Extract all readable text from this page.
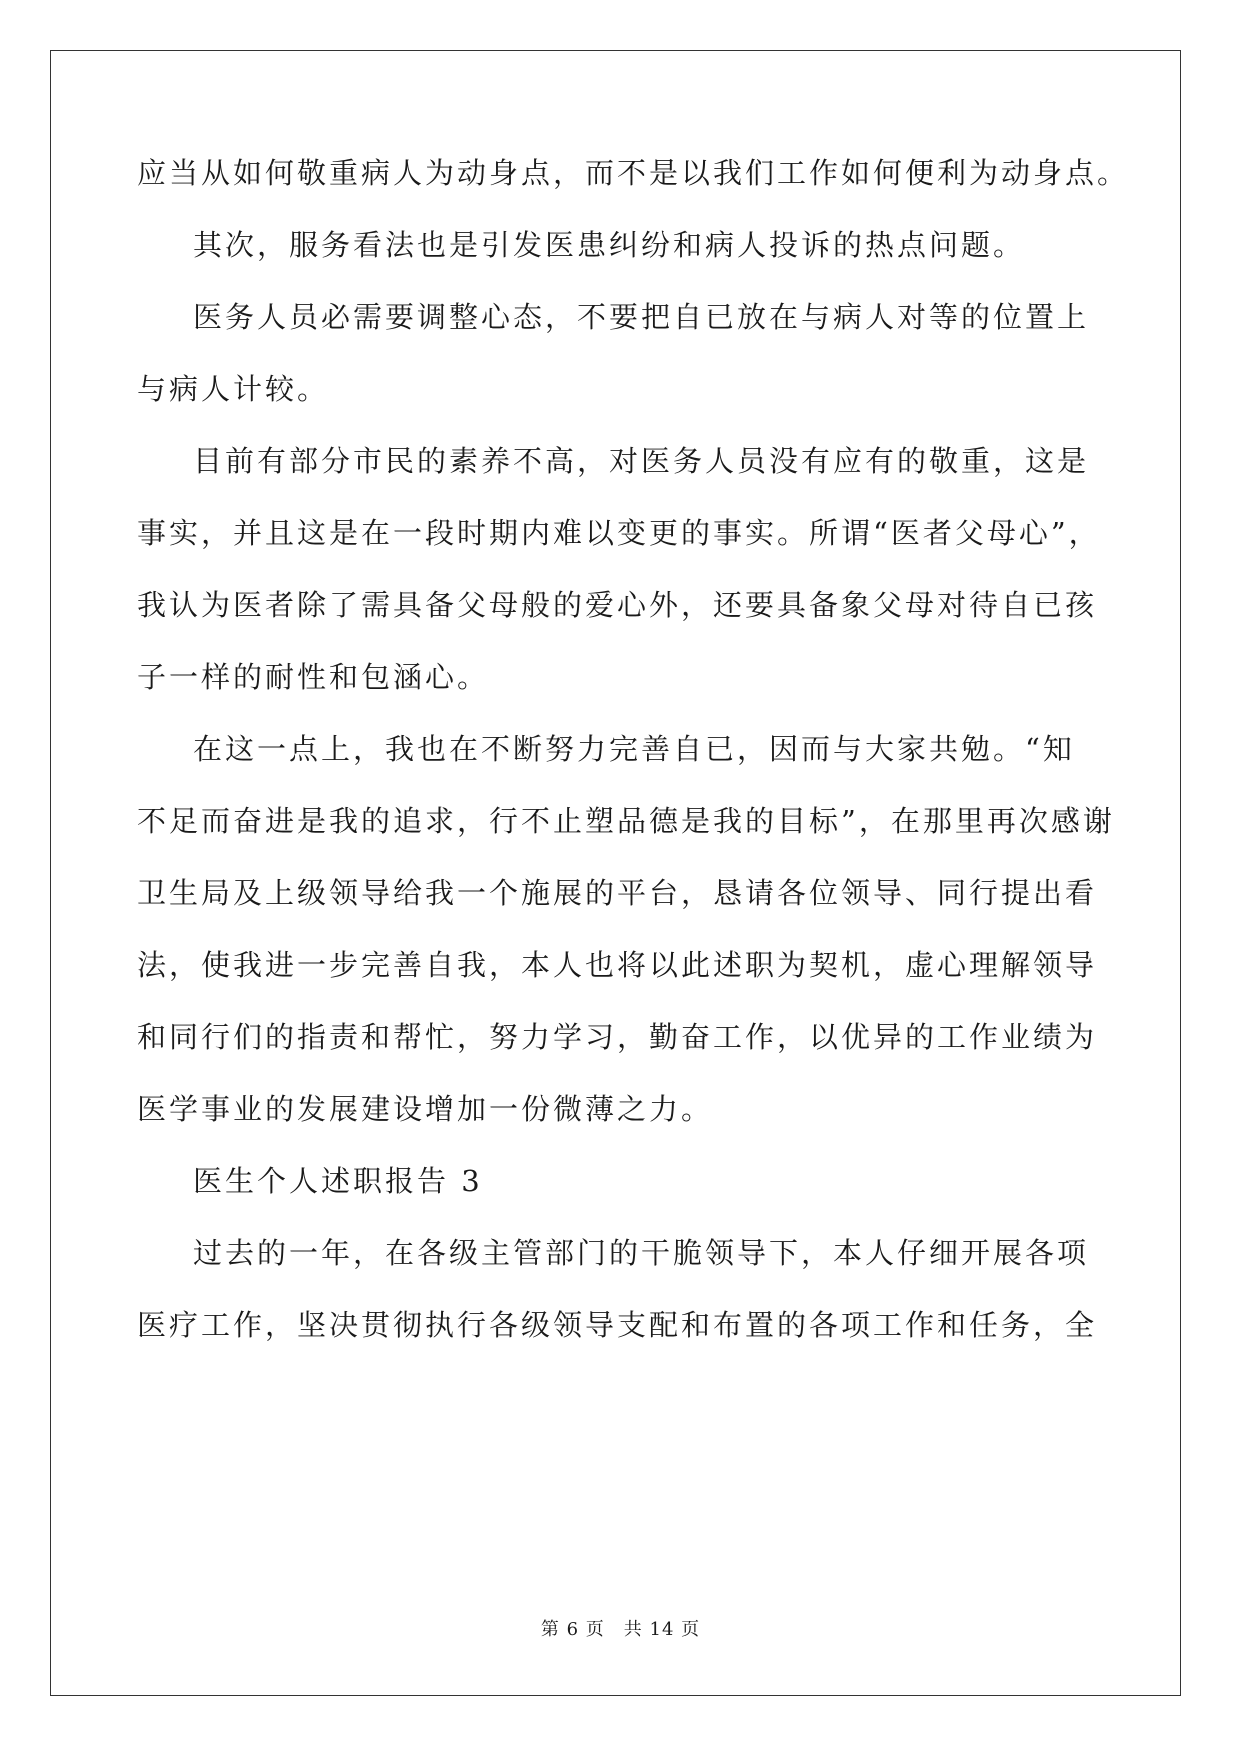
应当从如何敬重病人为动身点，而不是以我们工作如何便利为动身点。
其次，服务看法也是引发医患纠纷和病人投诉的热点问题。
医务人员必需要调整心态，不要把自已放在与病人对等的位置上
与病人计较。
目前有部分市民的素养不高，对医务人员没有应有的敬重，这是
事实，并且这是在一段时期内难以变更的事实。所谓“医者父母心”，
我认为医者除了需具备父母般的爱心外，还要具备象父母对待自已孩
子一样的耐性和包涵心。
在这一点上，我也在不断努力完善自已，因而与大家共勉。“知
不足而奋进是我的追求，行不止塑品德是我的目标”，在那里再次感谢
卫生局及上级领导给我一个施展的平台，恳请各位领导、同行提出看
法，使我进一步完善自我，本人也将以此述职为契机，虚心理解领导
和同行们的指责和帮忙，努力学习，勤奋工作，以优异的工作业绩为
医学事业的发展建设增加一份微薄之力。
医生个人述职报告 3
过去的一年，在各级主管部门的干脆领导下，本人仔细开展各项
医疗工作，坚决贯彻执行各级领导支配和布置的各项工作和任务，全
第 6 页　共 14 页
